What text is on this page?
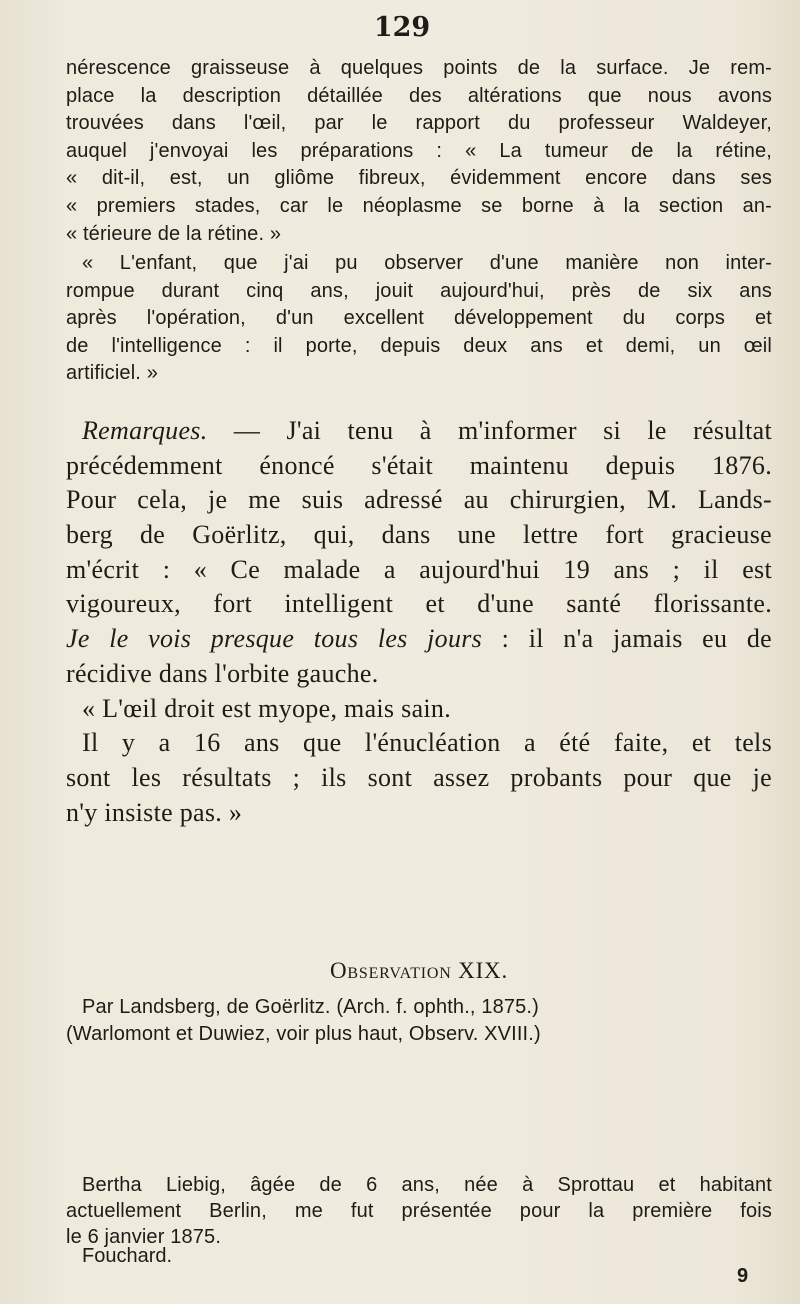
129
nérescence graisseuse à quelques points de la surface. Je rem-
place la description détaillée des altérations que nous avons
trouvées dans l'œil, par le rapport du professeur Waldeyer,
auquel j'envoyai les préparations : « La tumeur de la rétine,
« dit-il, est, un gliôme fibreux, évidemment encore dans ses
« premiers stades, car le néoplasme se borne à la section an-
« térieure de la rétine. »
« L'enfant, que j'ai pu observer d'une manière non inter-
rompue durant cinq ans, jouit aujourd'hui, près de six ans
après l'opération, d'un excellent développement du corps et
de l'intelligence : il porte, depuis deux ans et demi, un œil
artificiel. »
Remarques. — J'ai tenu à m'informer si le résultat
précédemment énoncé s'était maintenu depuis 1876.
Pour cela, je me suis adressé au chirurgien, M. Lands-
berg de Goërlitz, qui, dans une lettre fort gracieuse
m'écrit : « Ce malade a aujourd'hui 19 ans ; il est
vigoureux, fort intelligent et d'une santé florissante.
Je le vois presque tous les jours : il n'a jamais eu de
récidive dans l'orbite gauche.
« L'œil droit est myope, mais sain.
Il y a 16 ans que l'énucléation a été faite, et tels
sont les résultats ; ils sont assez probants pour que je
n'y insiste pas. »
Observation XIX.
Par Landsberg, de Goërlitz. (Arch. f. ophth., 1875.)
(Warlomont et Duwiez, voir plus haut, Observ. XVIII.)
Bertha Liebig, âgée de 6 ans, née à Sprottau et habitant
actuellement Berlin, me fut présentée pour la première fois
le 6 janvier 1875.
Fouchard.
9
